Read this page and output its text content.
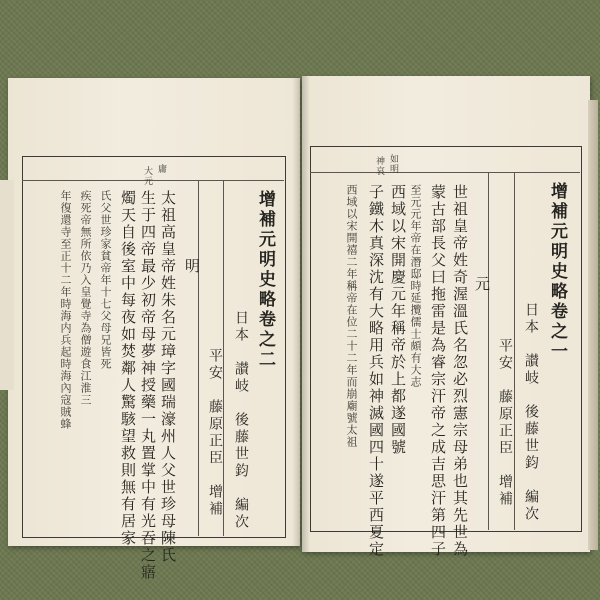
庸
大元
增補元明史略卷之二
日本　讃岐　後藤世鈞　編次
平安　藤原正臣　增補
明
太祖高皇帝姓朱名元璋字國瑞濠州人父世珍母陳氏
生于四帝最少初帝母夢神授藥一丸置掌中有光吞之寤
燭天自後室中每夜如焚鄰人驚駭望救則無有居家
氏父世珍家貧帝年十七父母兄皆死
疾死帝無所依乃入皇覺寺為僧遊食江淮三
年復還寺至正十二年時海内兵起時海內寇賊蜂
如明
神哀
增補元明史略卷之一
日本　讃岐　後藤世鈞　編次
平安　藤原正臣　增補
元
世祖皇帝姓奇渥溫氏名忽必烈憲宗母弟也其先世為
蒙古部長父曰拖雷是為睿宗汗帝之成吉思汗第四子
至元元年帝在潛邸時延攬儒士頗有大志
西域以宋開慶元年稱帝於上都遂國號
子鐵木真深沈有大略用兵如神滅國四十遂平西夏定
西域以宋開禧二年稱帝在位二十二年而崩廟號太祖
